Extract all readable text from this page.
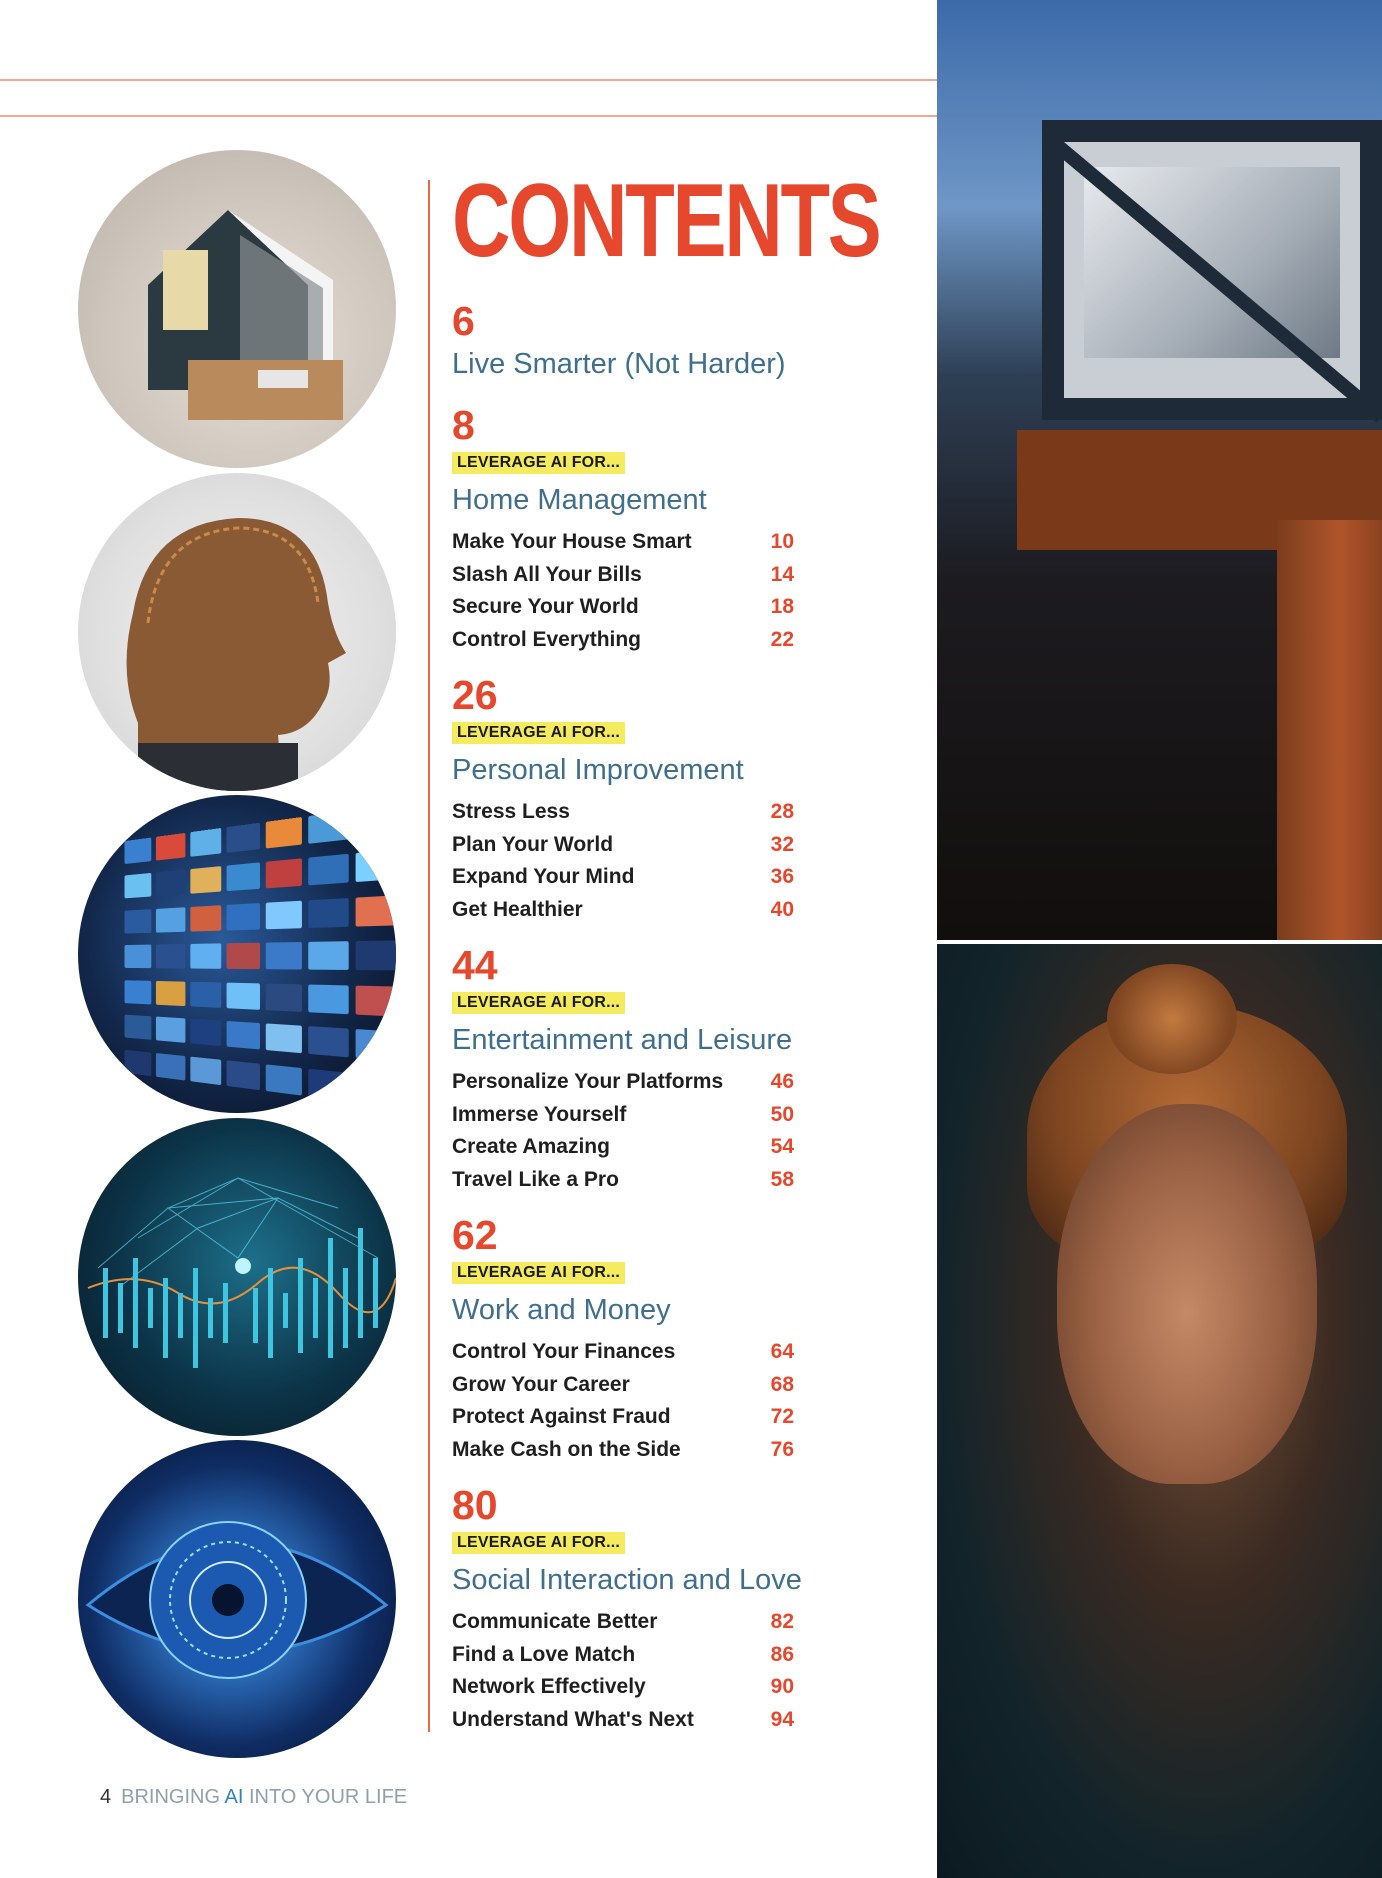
CONTENTS
6
Live Smarter (Not Harder)
8
LEVERAGE AI FOR...
Home Management
Make Your House Smart	10
Slash All Your Bills	14
Secure Your World	18
Control Everything	22
26
LEVERAGE AI FOR...
Personal Improvement
Stress Less	28
Plan Your World	32
Expand Your Mind	36
Get Healthier	40
44
LEVERAGE AI FOR...
Entertainment and Leisure
Personalize Your Platforms 46
Immerse Yourself	50
Create Amazing	54
Travel Like a Pro	58
62
LEVERAGE AI FOR...
Work and Money
Control Your Finances	64
Grow Your Career	68
Protect Against Fraud	72
Make Cash on the Side	76
80
LEVERAGE AI FOR...
Social Interaction and Love
Communicate Better	82
Find a Love Match	86
Network Effectively	90
Understand What's Next	94
4 BRINGING AI INTO YOUR LIFE
